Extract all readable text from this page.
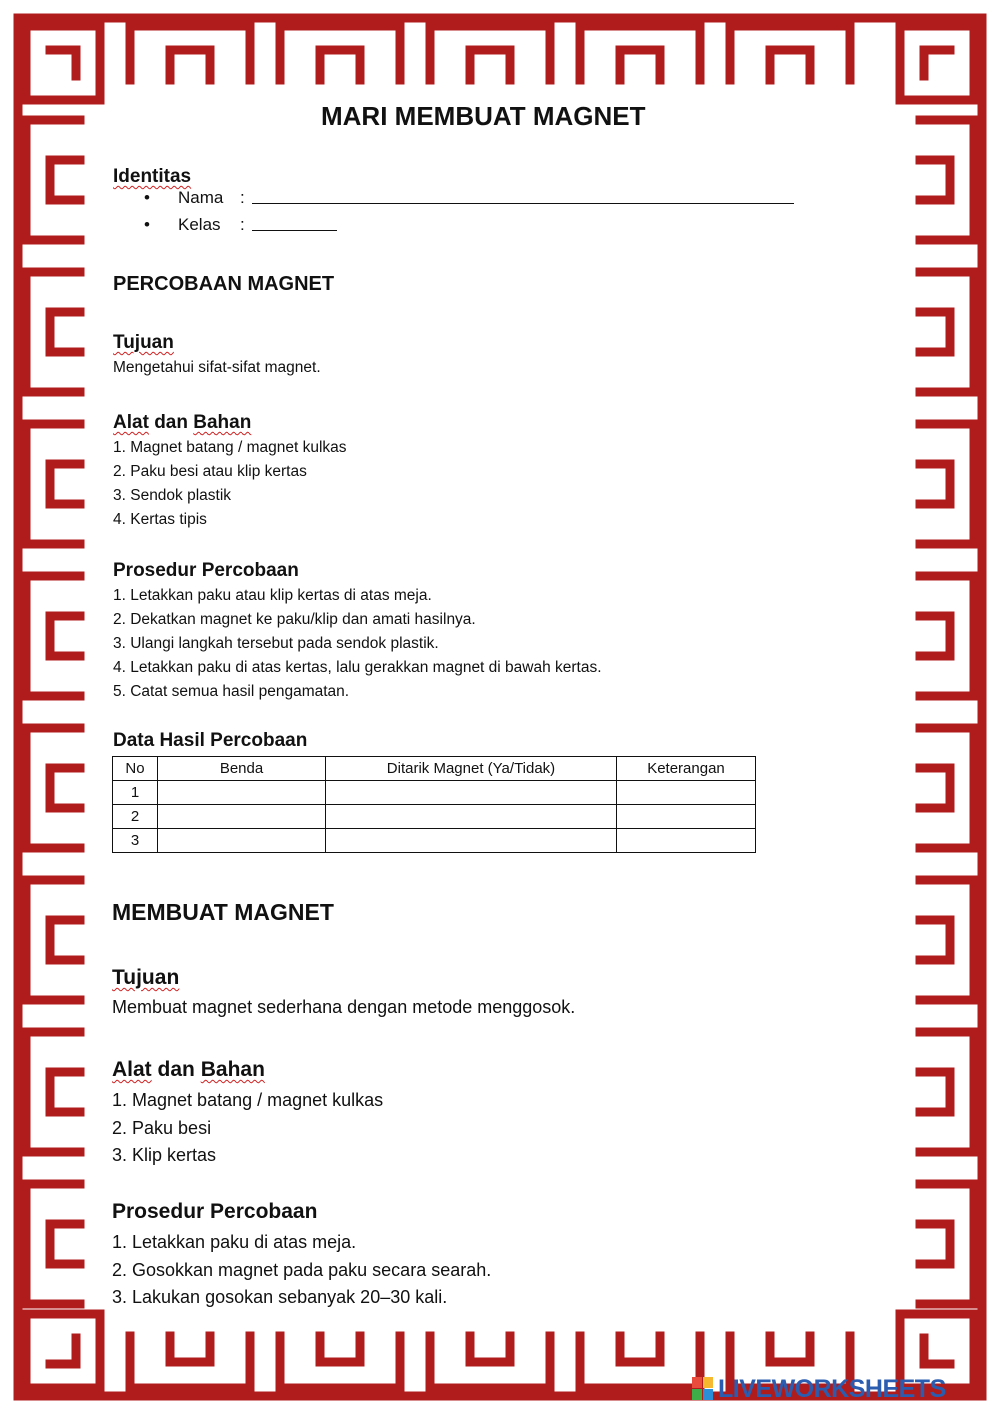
MARI MEMBUAT MAGNET
Identitas
• Nama :
• Kelas :
PERCOBAAN MAGNET
Tujuan
Mengetahui sifat-sifat magnet.
Alat dan Bahan
1. Magnet batang / magnet kulkas
2. Paku besi atau klip kertas
3. Sendok plastik
4. Kertas tipis
Prosedur Percobaan
1. Letakkan paku atau klip kertas di atas meja.
2. Dekatkan magnet ke paku/klip dan amati hasilnya.
3. Ulangi langkah tersebut pada sendok plastik.
4. Letakkan paku di atas kertas, lalu gerakkan magnet di bawah kertas.
5. Catat semua hasil pengamatan.
Data Hasil Percobaan
No	Benda	Ditarik Magnet (Ya/Tidak)	Keterangan
1			
2			
3			
MEMBUAT MAGNET
Tujuan
Membuat magnet sederhana dengan metode menggosok.
Alat dan Bahan
1. Magnet batang / magnet kulkas
2. Paku besi
3. Klip kertas
Prosedur Percobaan
1. Letakkan paku di atas meja.
2. Gosokkan magnet pada paku secara searah.
3. Lakukan gosokan sebanyak 20–30 kali.
LIVEWORKSHEETS
